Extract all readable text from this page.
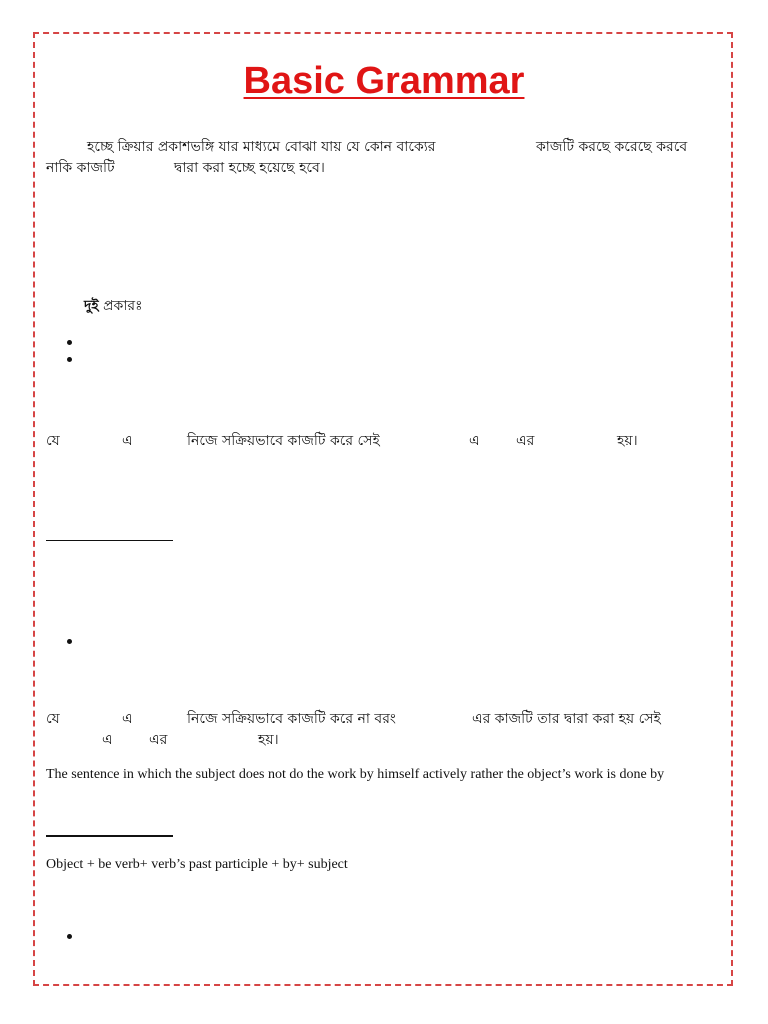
Basic Grammar
হচ্ছে ক্রিয়ার প্রকাশভঙ্গি যার মাধ্যমে বোঝা যায় যে কোন বাক্যের	কাজটি করছে করেছে করবে
নাকি কাজটি	দ্বারা করা হচ্ছে হয়েছে হবে।
দুই প্রকারঃ
যে	এ	নিজে সক্রিয়ভাবে কাজটি করে সেই	এ	এর	হয়।
যে	এ	নিজে সক্রিয়ভাবে কাজটি করে না বরং	এর কাজটি তার দ্বারা করা হয় সেই
এ	এর	হয়।
The sentence in which the subject does not do the work by himself actively rather the object’s work is done by
Object + be verb+ verb’s past participle + by+ subject
